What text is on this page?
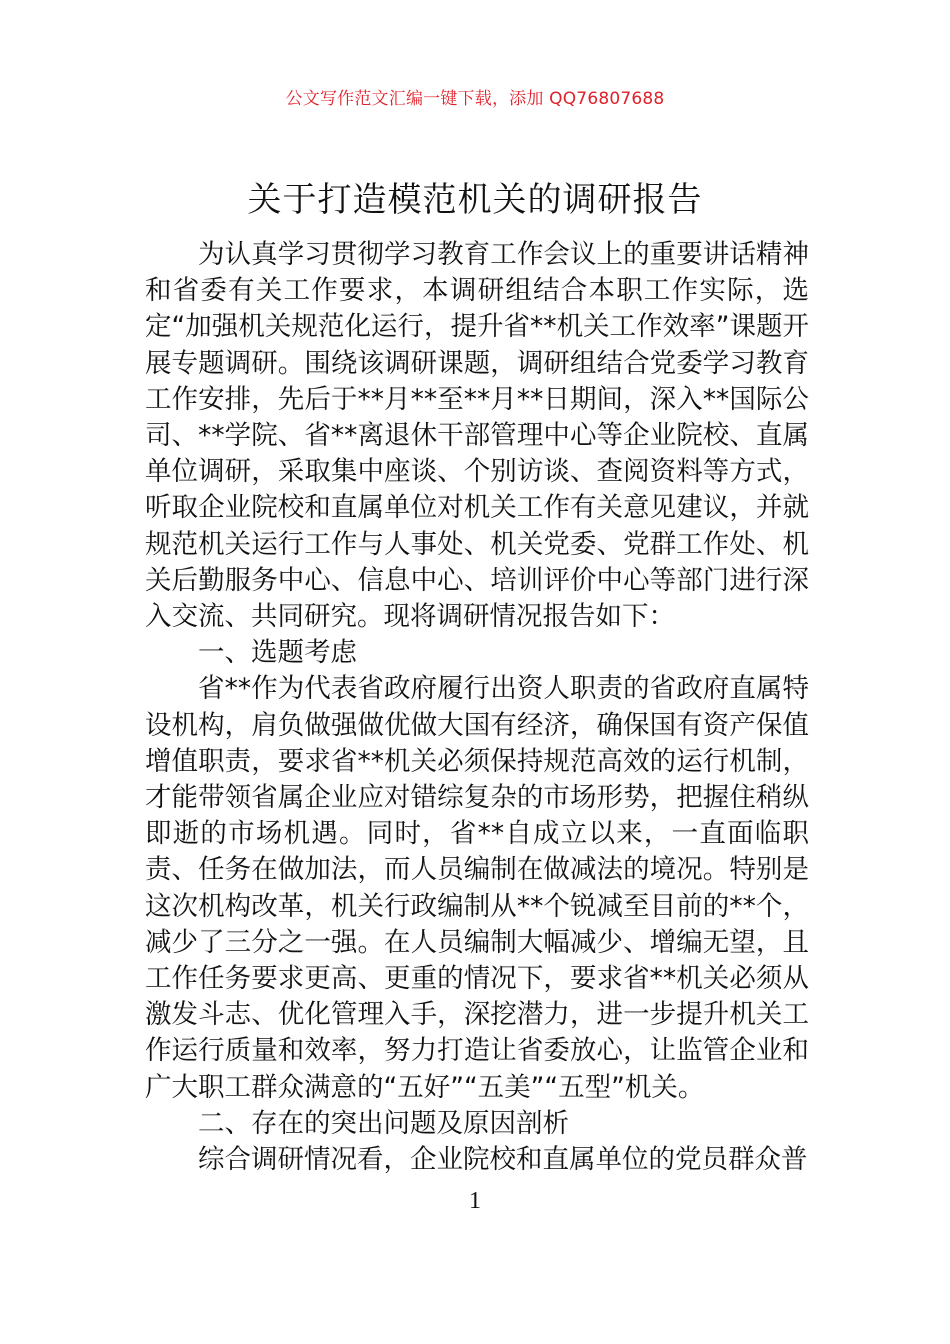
公文写作范文汇编一键下载，添加 QQ76807688
关于打造模范机关的调研报告

为认真学习贯彻学习教育工作会议上的重要讲话精神和省委有关工作要求，本调研组结合本职工作实际，选定“加强机关规范化运行，提升省**机关工作效率”课题开展专题调研。围绕该调研课题，调研组结合党委学习教育工作安排，先后于**月**至**月**日期间，深入**国际公司、**学院、省**离退休干部管理中心等企业院校、直属单位调研，采取集中座谈、个别访谈、查阅资料等方式，听取企业院校和直属单位对机关工作有关意见建议，并就规范机关运行工作与人事处、机关党委、党群工作处、机关后勤服务中心、信息中心、培训评价中心等部门进行深入交流、共同研究。现将调研情况报告如下：

一、选题考虑

省**作为代表省政府履行出资人职责的省政府直属特设机构，肩负做强做优做大国有经济，确保国有资产保值增值职责，要求省**机关必须保持规范高效的运行机制，才能带领省属企业应对错综复杂的市场形势，把握住稍纵即逝的市场机遇。同时，省**自成立以来，一直面临职责、任务在做加法，而人员编制在做减法的境况。特别是这次机构改革，机关行政编制从**个锐减至目前的**个，减少了三分之一强。在人员编制大幅减少、增编无望，且工作任务要求更高、更重的情况下，要求省**机关必须从激发斗志、优化管理入手，深挖潜力，进一步提升机关工作运行质量和效率，努力打造让省委放心，让监管企业和广大职工群众满意的“五好”“五美”“五型”机关。

二、存在的突出问题及原因剖析

综合调研情况看，企业院校和直属单位的党员群众普

1
